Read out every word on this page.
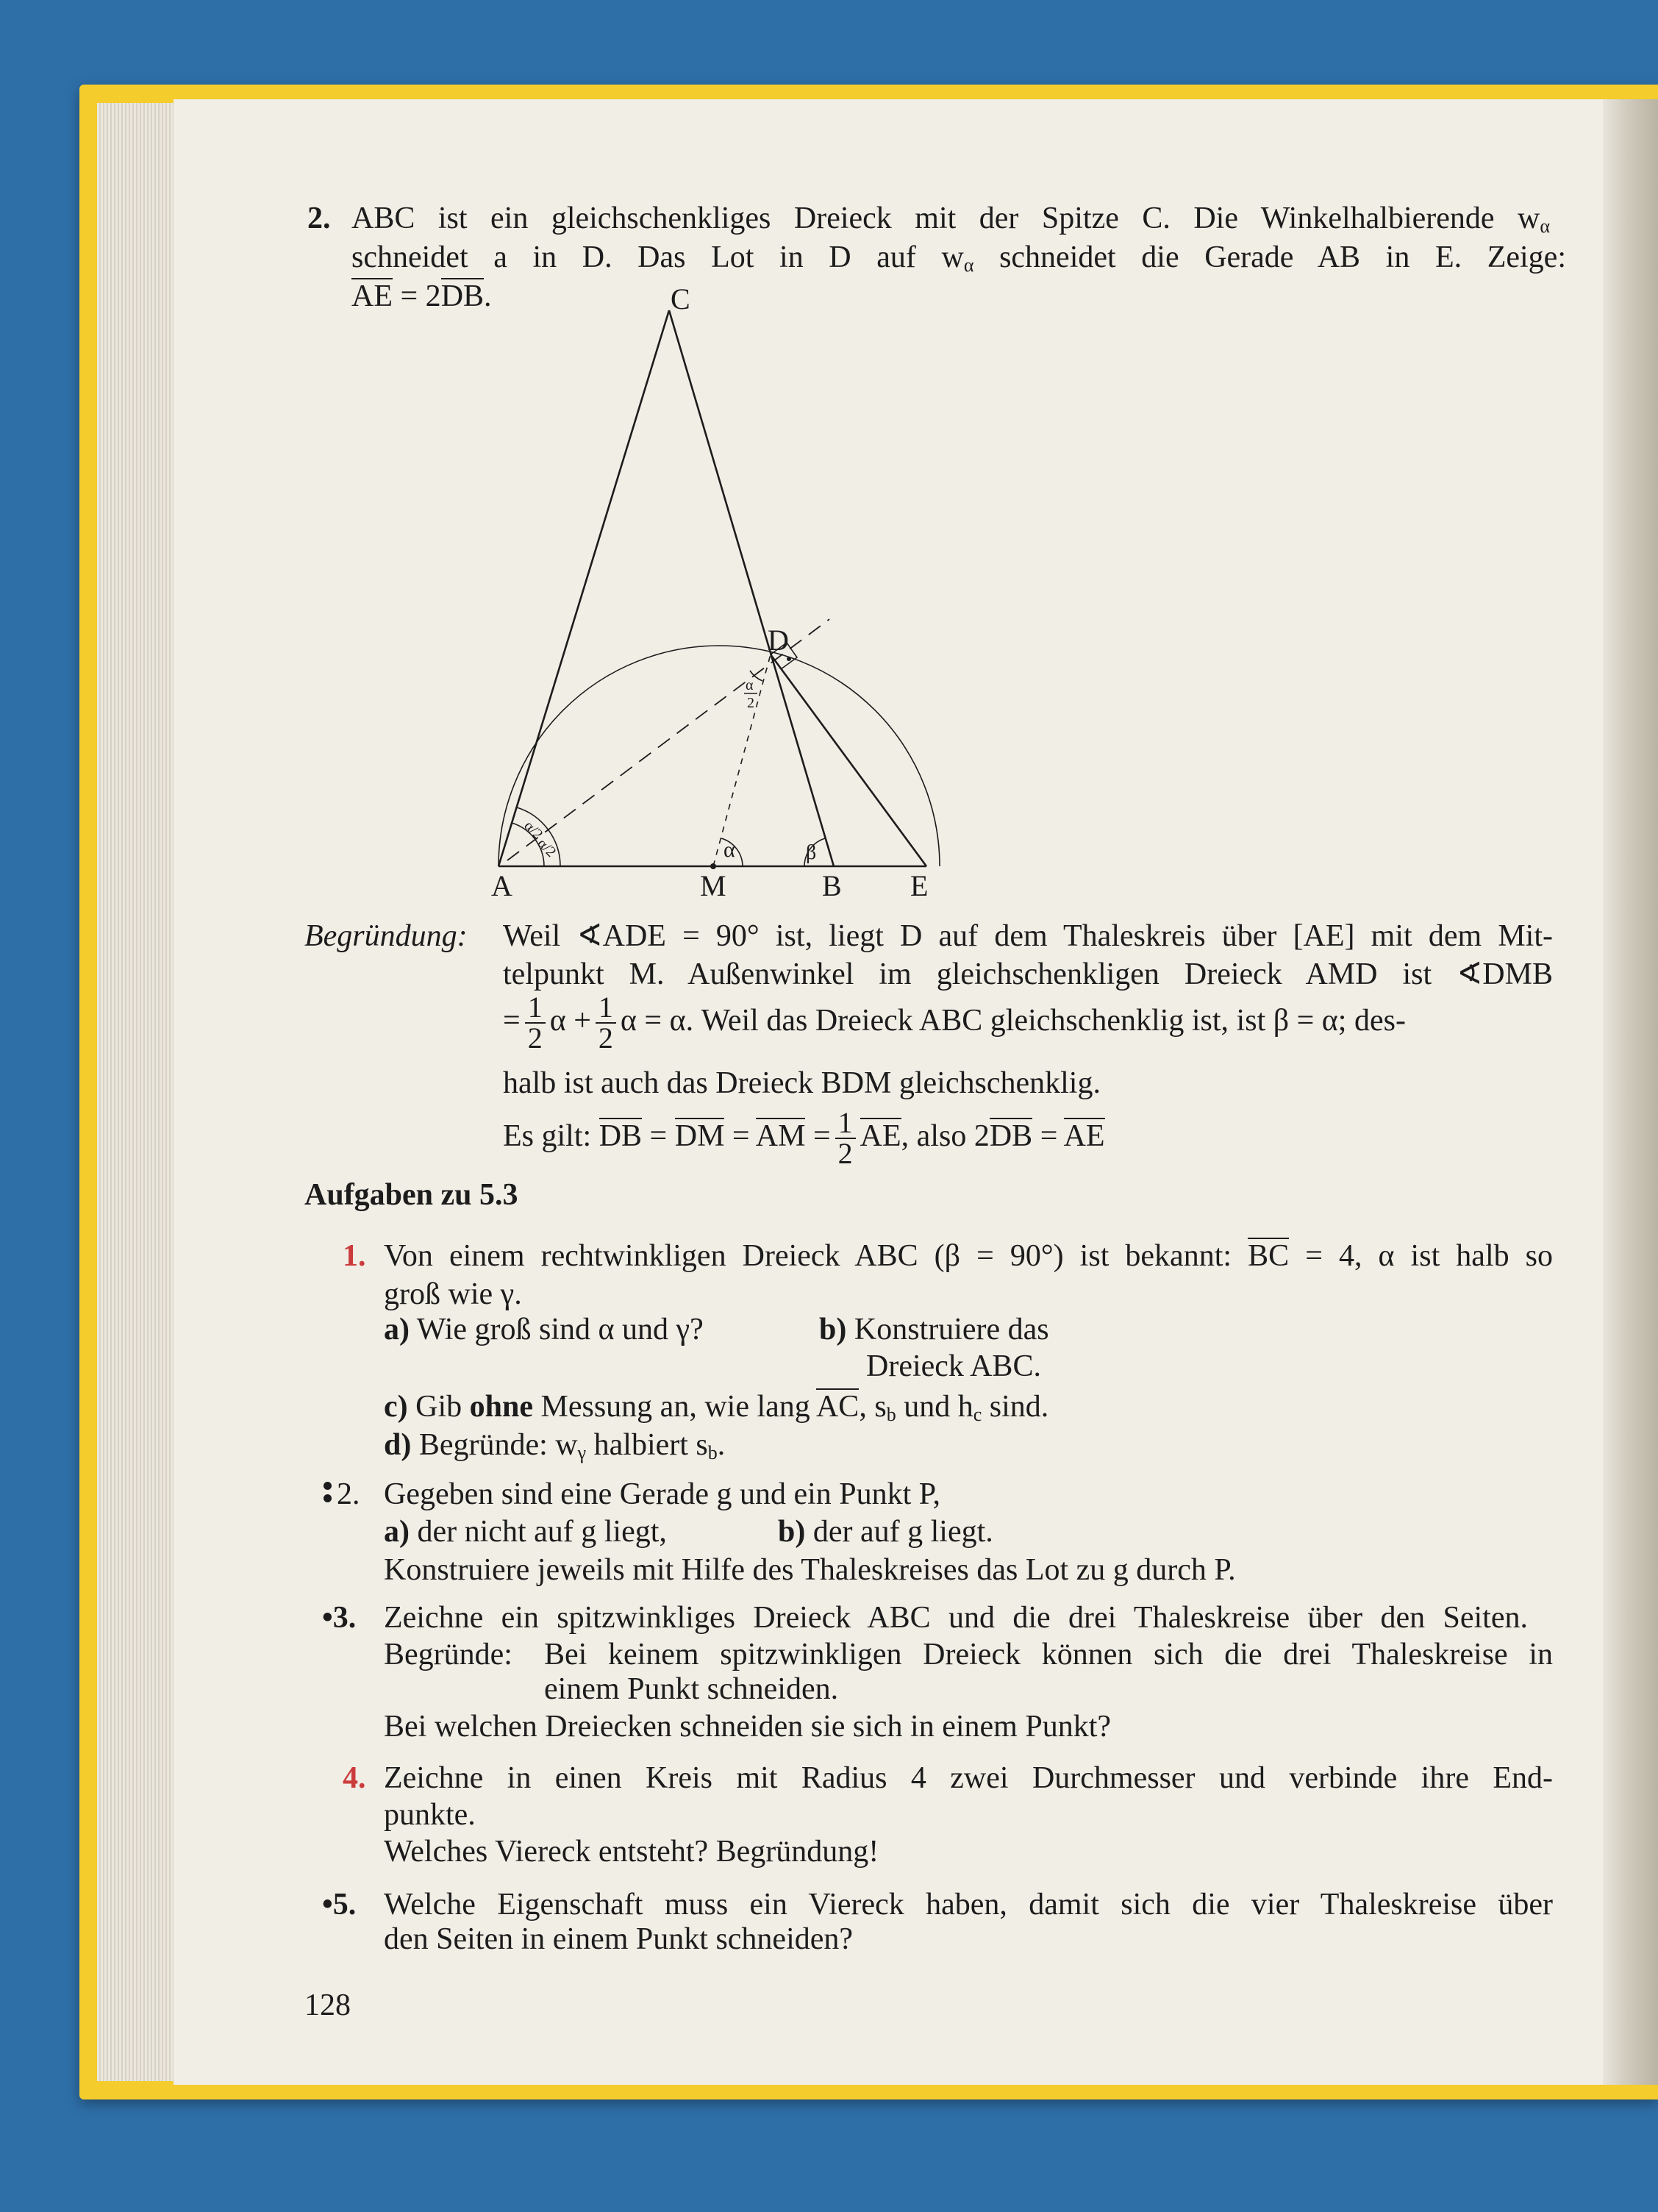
2. ABC ist ein gleichschenkliges Dreieck mit der Spitze C. Die Winkelhalbierende $w_\alpha$
schneidet a in D. Das Lot in D auf $w_\alpha$ schneidet die Gerade AB in E. Zeige:
AE = 2DB.	C
D
A	M	B E
α	β
α/2
α/2
α
2
Begründung: Weil ∢ADE = 90° ist, liegt D auf dem Thaleskreis über [AE] mit dem Mit-
telpunkt M. Außenwinkel im gleichschenkligen Dreieck AMD ist ∢DMB
= $\frac{1}{2}$ $\alpha + \frac{1}{2}$ α = α. Weil das Dreieck ABC gleichschenklig ist, ist β = α; des-
halb ist auch das Dreieck BDM gleichschenklig.
Es gilt: DB = DM = AM = $\frac{1}{2}$ AE, also 2DB = AE
Aufgaben zu 5.3
1. Von einem rechtwinkligen Dreieck ABC (β = 90°) ist bekannt: BC = 4, α ist halb so
groß wie γ.
a) Wie groß sind α und γ?	b) Konstruiere das
Dreieck ABC.
c) Gib ohne Messung an, wie lang AC, $s_b$ und $h_c$ sind.
d) Begründe: $w_\gamma$ halbiert $s_b$.
2. Gegeben sind eine Gerade g und ein Punkt P,
a) der nicht auf g liegt,	b) der auf g liegt.
Konstruiere jeweils mit Hilfe des Thaleskreises das Lot zu g durch P.
•3. Zeichne ein spitzwinkliges Dreieck ABC und die drei Thaleskreise über den Seiten.
Begründe: Bei keinem spitzwinkligen Dreieck können sich die drei Thaleskreise in
einem Punkt schneiden.
Bei welchen Dreiecken schneiden sie sich in einem Punkt?
4. Zeichne in einen Kreis mit Radius 4 zwei Durchmesser und verbinde ihre End-
punkte.
Welches Viereck entsteht? Begründung!
•5. Welche Eigenschaft muss ein Viereck haben, damit sich die vier Thaleskreise über
den Seiten in einem Punkt schneiden?
128
